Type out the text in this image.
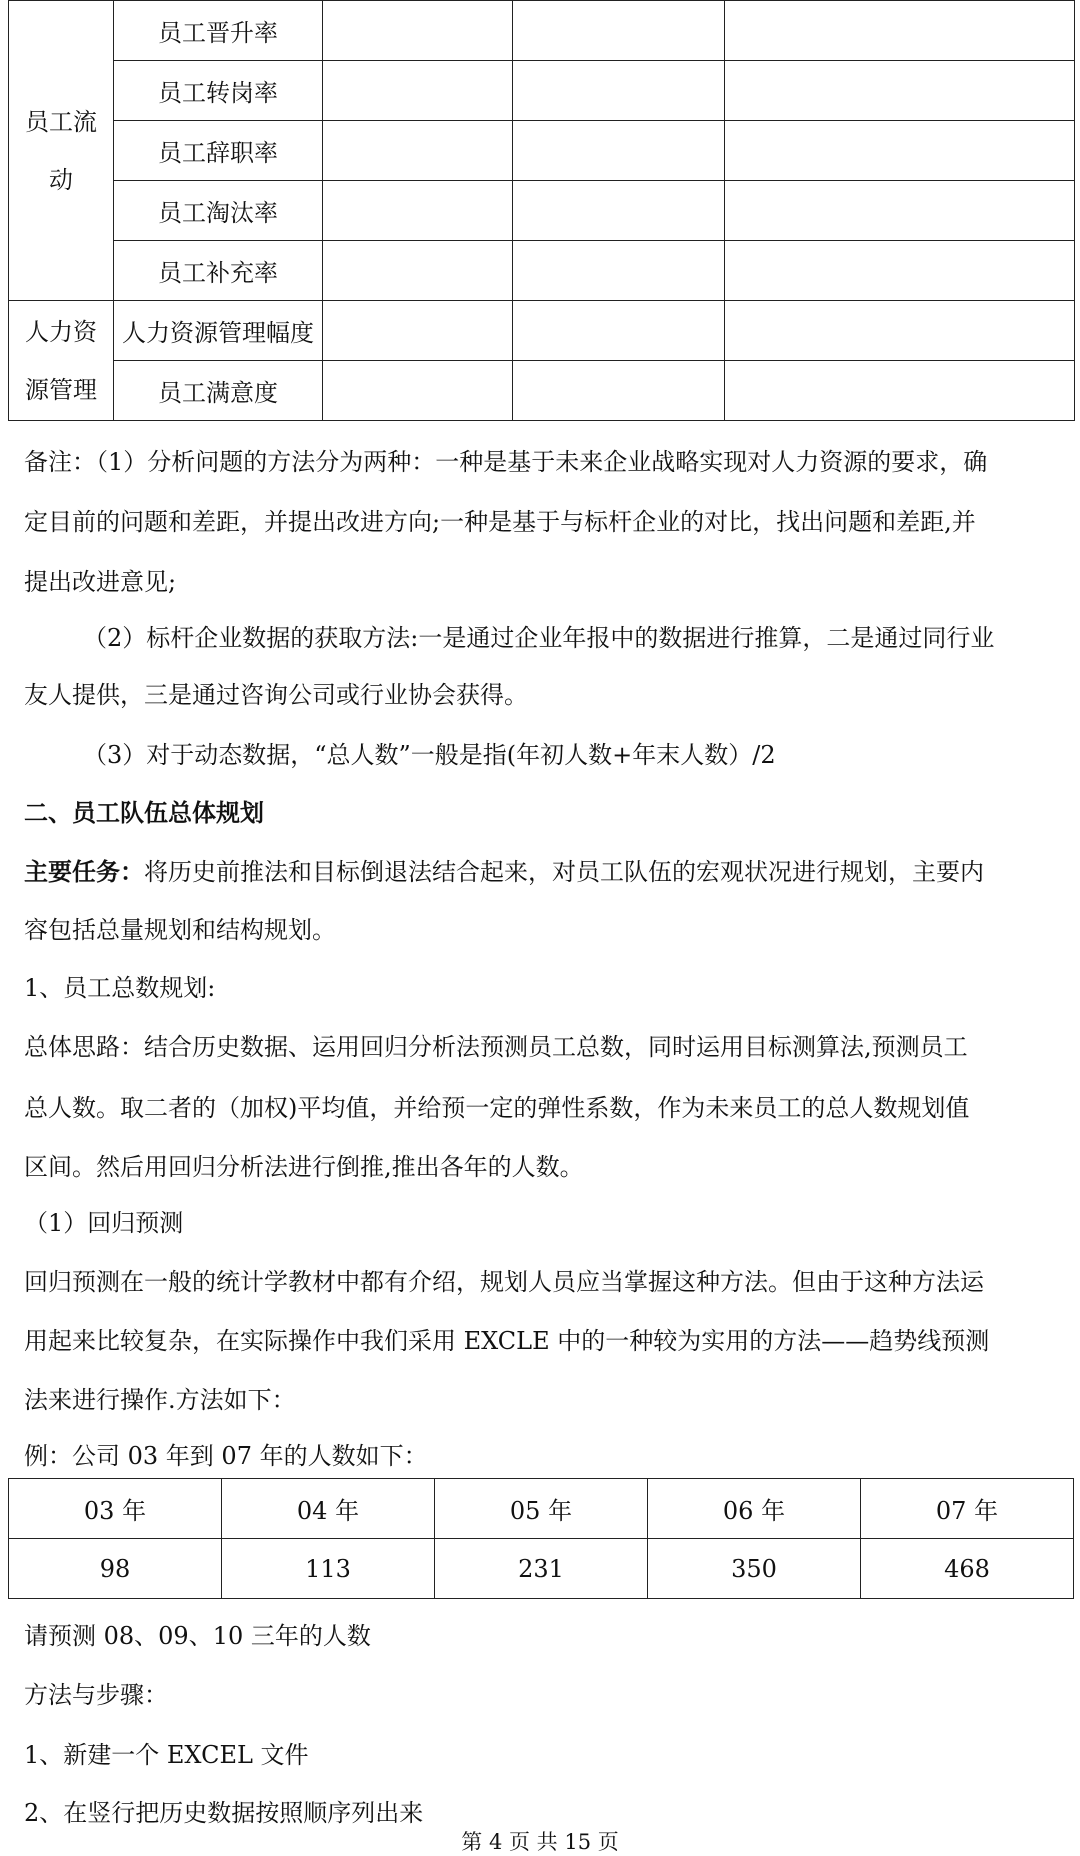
员工流
动	员工晋升率			
	员工转岗率			
	员工辞职率			
	员工淘汰率			
	员工补充率			

人力资
源管理	人力资源管理幅度			
	员工满意度			
备注：（1）分析问题的方法分为两种：一种是基于未来企业战略实现对人力资源的要求，确
定目前的问题和差距，并提出改进方向;一种是基于与标杆企业的对比，找出问题和差距,并
提出改进意见;
（2）标杆企业数据的获取方法:一是通过企业年报中的数据进行推算，二是通过同行业
友人提供，三是通过咨询公司或行业协会获得。
（3）对于动态数据，“总人数”一般是指(年初人数+年末人数）/2
二、员工队伍总体规划
主要任务：将历史前推法和目标倒退法结合起来，对员工队伍的宏观状况进行规划，主要内
容包括总量规划和结构规划。
1、员工总数规划:
总体思路：结合历史数据、运用回归分析法预测员工总数，同时运用目标测算法,预测员工
总人数。取二者的（加权)平均值，并给预一定的弹性系数，作为未来员工的总人数规划值
区间。然后用回归分析法进行倒推,推出各年的人数。
（1）回归预测
回归预测在一般的统计学教材中都有介绍，规划人员应当掌握这种方法。但由于这种方法运
用起来比较复杂，在实际操作中我们采用 EXCLE 中的一种较为实用的方法——趋势线预测
法来进行操作.方法如下：
例：公司 03 年到 07 年的人数如下：
03 年	04 年	05 年	06 年	07 年
98	113	231	350	468
请预测 08、09、10 三年的人数
方法与步骤：
1、新建一个 EXCEL 文件
2、在竖行把历史数据按照顺序列出来
第 4 页 共 15 页
